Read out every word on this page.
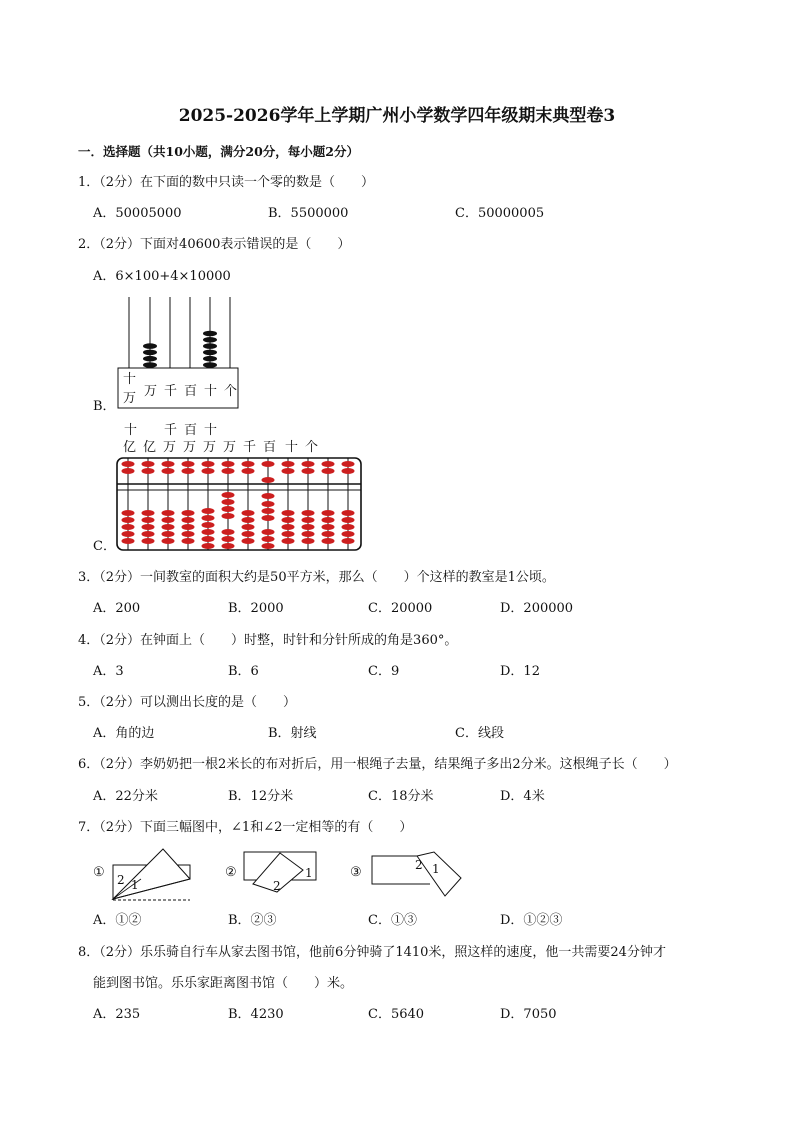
2025-2026学年上学期广州小学数学四年级期末典型卷3
一．选择题（共10小题，满分20分，每小题2分）
1．（2分）在下面的数中只读一个零的数是（　　）
A．50005000	B．5500000	C．50000005
2．（2分）下面对40600表示错误的是（　　）
A．6×100+4×10000
B．
C．
十
万 万 千 百 十 个
十 千 百 十
亿 亿 万 万 万 万 千 百 十 个
3．（2分）一间教室的面积大约是50平方米，那么（　　）个这样的教室是1公顷。
A．200	B．2000	C．20000	D．200000
4．（2分）在钟面上（　　）时整，时针和分针所成的角是360°。
A．3	B．6	C．9	D．12
5．（2分）可以测出长度的是（　　）
A．角的边	B．射线	C．线段
6．（2分）李奶奶把一根2米长的布对折后，用一根绳子去量，结果绳子多出2分米。这根绳子长（　　）
A．22分米	B．12分米	C．18分米	D．4米
7．（2分）下面三幅图中，∠1和∠2一定相等的有（　　）
① 2 1
②
2
1	③	2 1
A．①②	B．②③	C．①③	D．①②③
8．（2分）乐乐骑自行车从家去图书馆，他前6分钟骑了1410米，照这样的速度，他一共需要24分钟才
能到图书馆。乐乐家距离图书馆（　　）米。
A．235	B．4230	C．5640	D．7050
